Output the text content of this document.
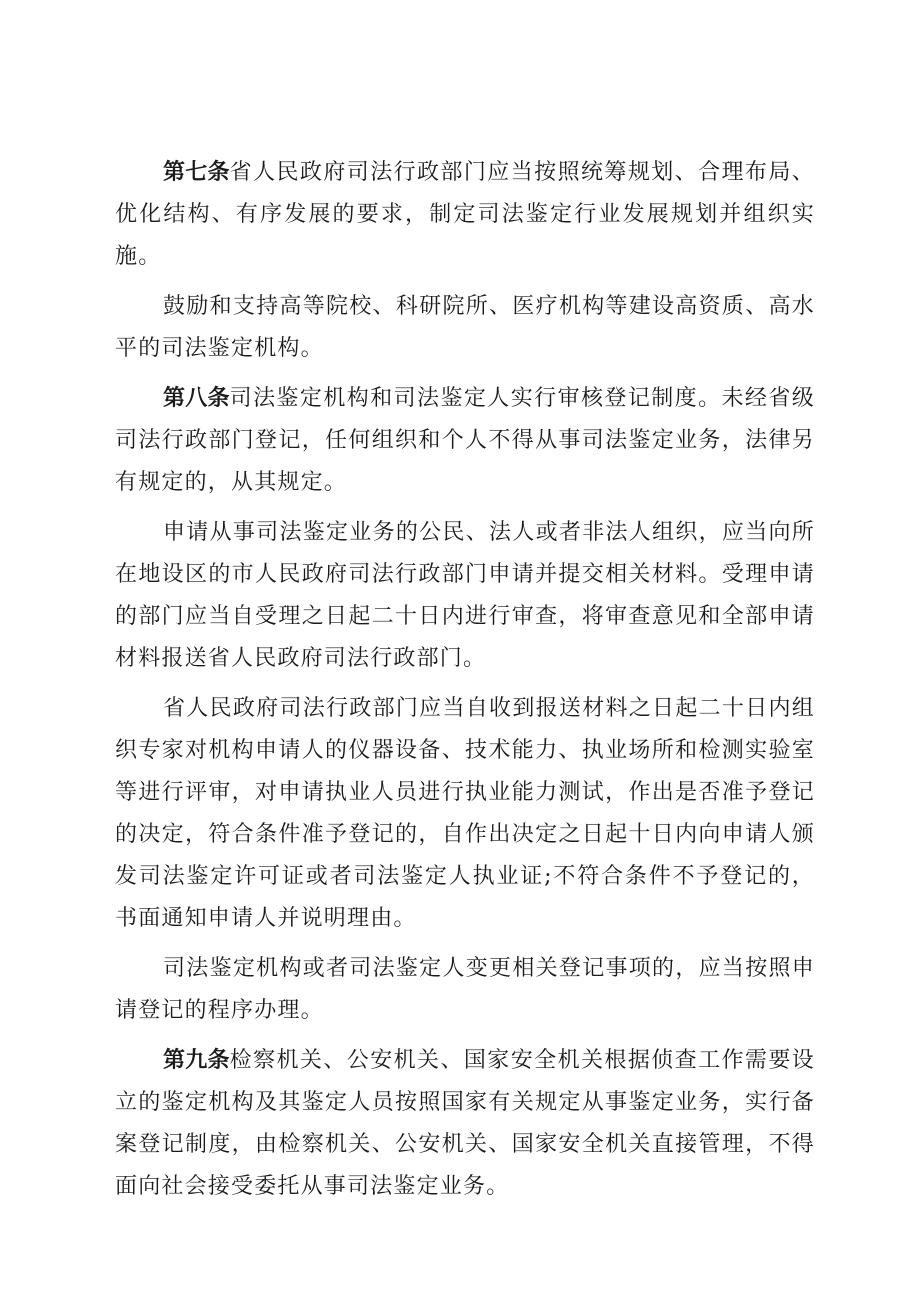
第七条省人民政府司法行政部门应当按照统筹规划、合理布局、优化结构、有序发展的要求，制定司法鉴定行业发展规划并组织实施。

鼓励和支持高等院校、科研院所、医疗机构等建设高资质、高水平的司法鉴定机构。

第八条司法鉴定机构和司法鉴定人实行审核登记制度。未经省级司法行政部门登记，任何组织和个人不得从事司法鉴定业务，法律另有规定的，从其规定。

申请从事司法鉴定业务的公民、法人或者非法人组织，应当向所在地设区的市人民政府司法行政部门申请并提交相关材料。受理申请的部门应当自受理之日起二十日内进行审查，将审查意见和全部申请材料报送省人民政府司法行政部门。

省人民政府司法行政部门应当自收到报送材料之日起二十日内组织专家对机构申请人的仪器设备、技术能力、执业场所和检测实验室等进行评审，对申请执业人员进行执业能力测试，作出是否准予登记的决定，符合条件准予登记的，自作出决定之日起十日内向申请人颁发司法鉴定许可证或者司法鉴定人执业证;不符合条件不予登记的，书面通知申请人并说明理由。

司法鉴定机构或者司法鉴定人变更相关登记事项的，应当按照申请登记的程序办理。

第九条检察机关、公安机关、国家安全机关根据侦查工作需要设立的鉴定机构及其鉴定人员按照国家有关规定从事鉴定业务，实行备案登记制度，由检察机关、公安机关、国家安全机关直接管理，不得面向社会接受委托从事司法鉴定业务。
